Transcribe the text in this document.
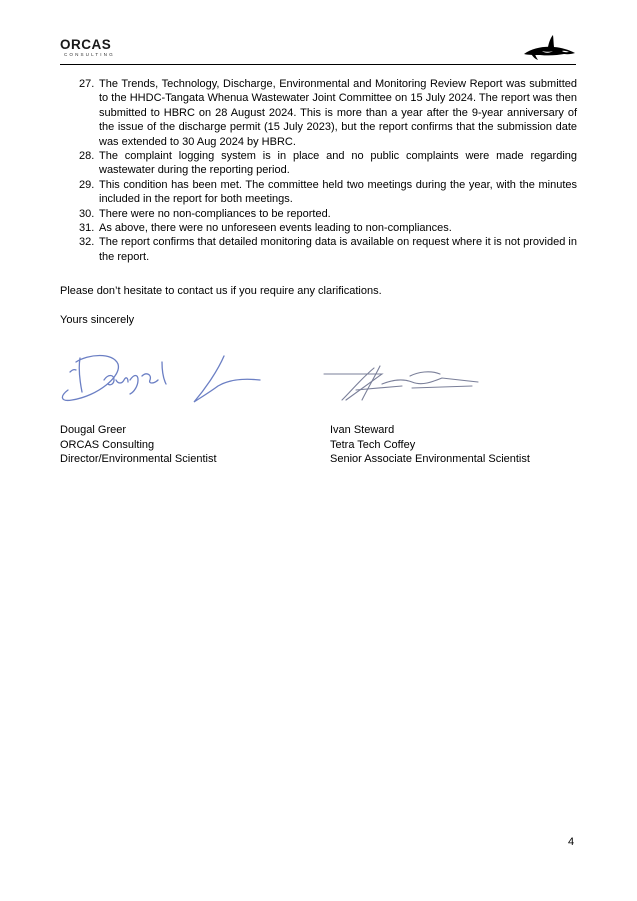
ORCAS
CONSULTING
27. The Trends, Technology, Discharge, Environmental and Monitoring Review Report was submitted to the HHDC-Tangata Whenua Wastewater Joint Committee on 15 July 2024. The report was then submitted to HBRC on 28 August 2024. This is more than a year after the 9-year anniversary of the issue of the discharge permit (15 July 2023), but the report confirms that the submission date was extended to 30 Aug 2024 by HBRC.
28. The complaint logging system is in place and no public complaints were made regarding wastewater during the reporting period.
29. This condition has been met. The committee held two meetings during the year, with the minutes included in the report for both meetings.
30. There were no non-compliances to be reported.
31. As above, there were no unforeseen events leading to non-compliances.
32. The report confirms that detailed monitoring data is available on request where it is not provided in the report.
Please don’t hesitate to contact us if you require any clarifications.
Yours sincerely
Dougal Greer
ORCAS Consulting
Director/Environmental Scientist
Ivan Steward
Tetra Tech Coffey
Senior Associate Environmental Scientist
4
